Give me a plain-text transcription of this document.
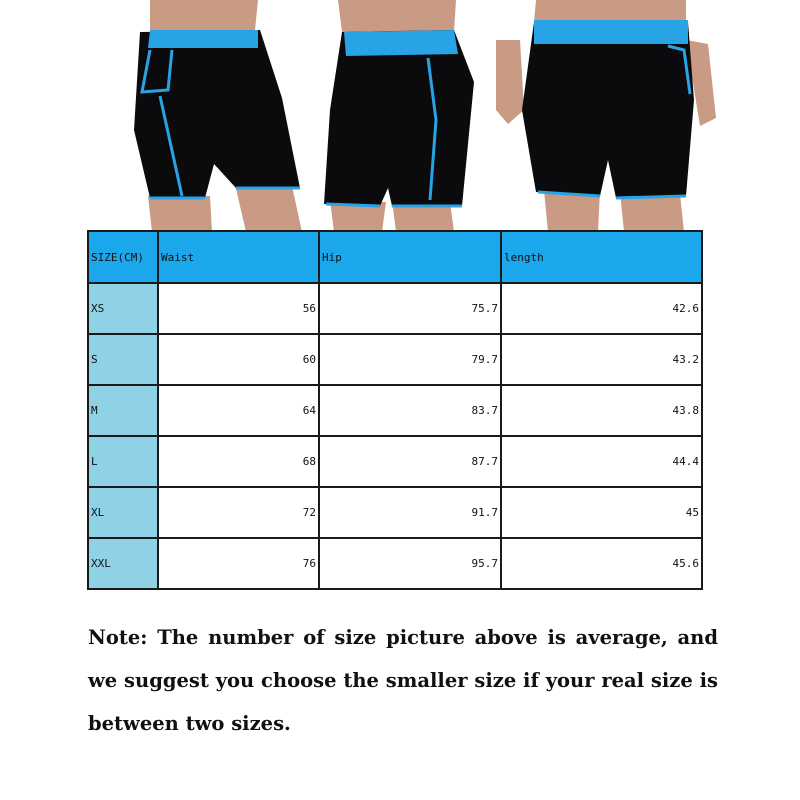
SIZE(CM)	Waist	Hip	length
XS	56	75.7	42.6
S	60	79.7	43.2
M	64	83.7	43.8
L	68	87.7	44.4
XL	72	91.7	45
XXL	76	95.7	45.6

Note: The number of size picture above is average, and we suggest you choose the smaller size if your real size is between two sizes.
